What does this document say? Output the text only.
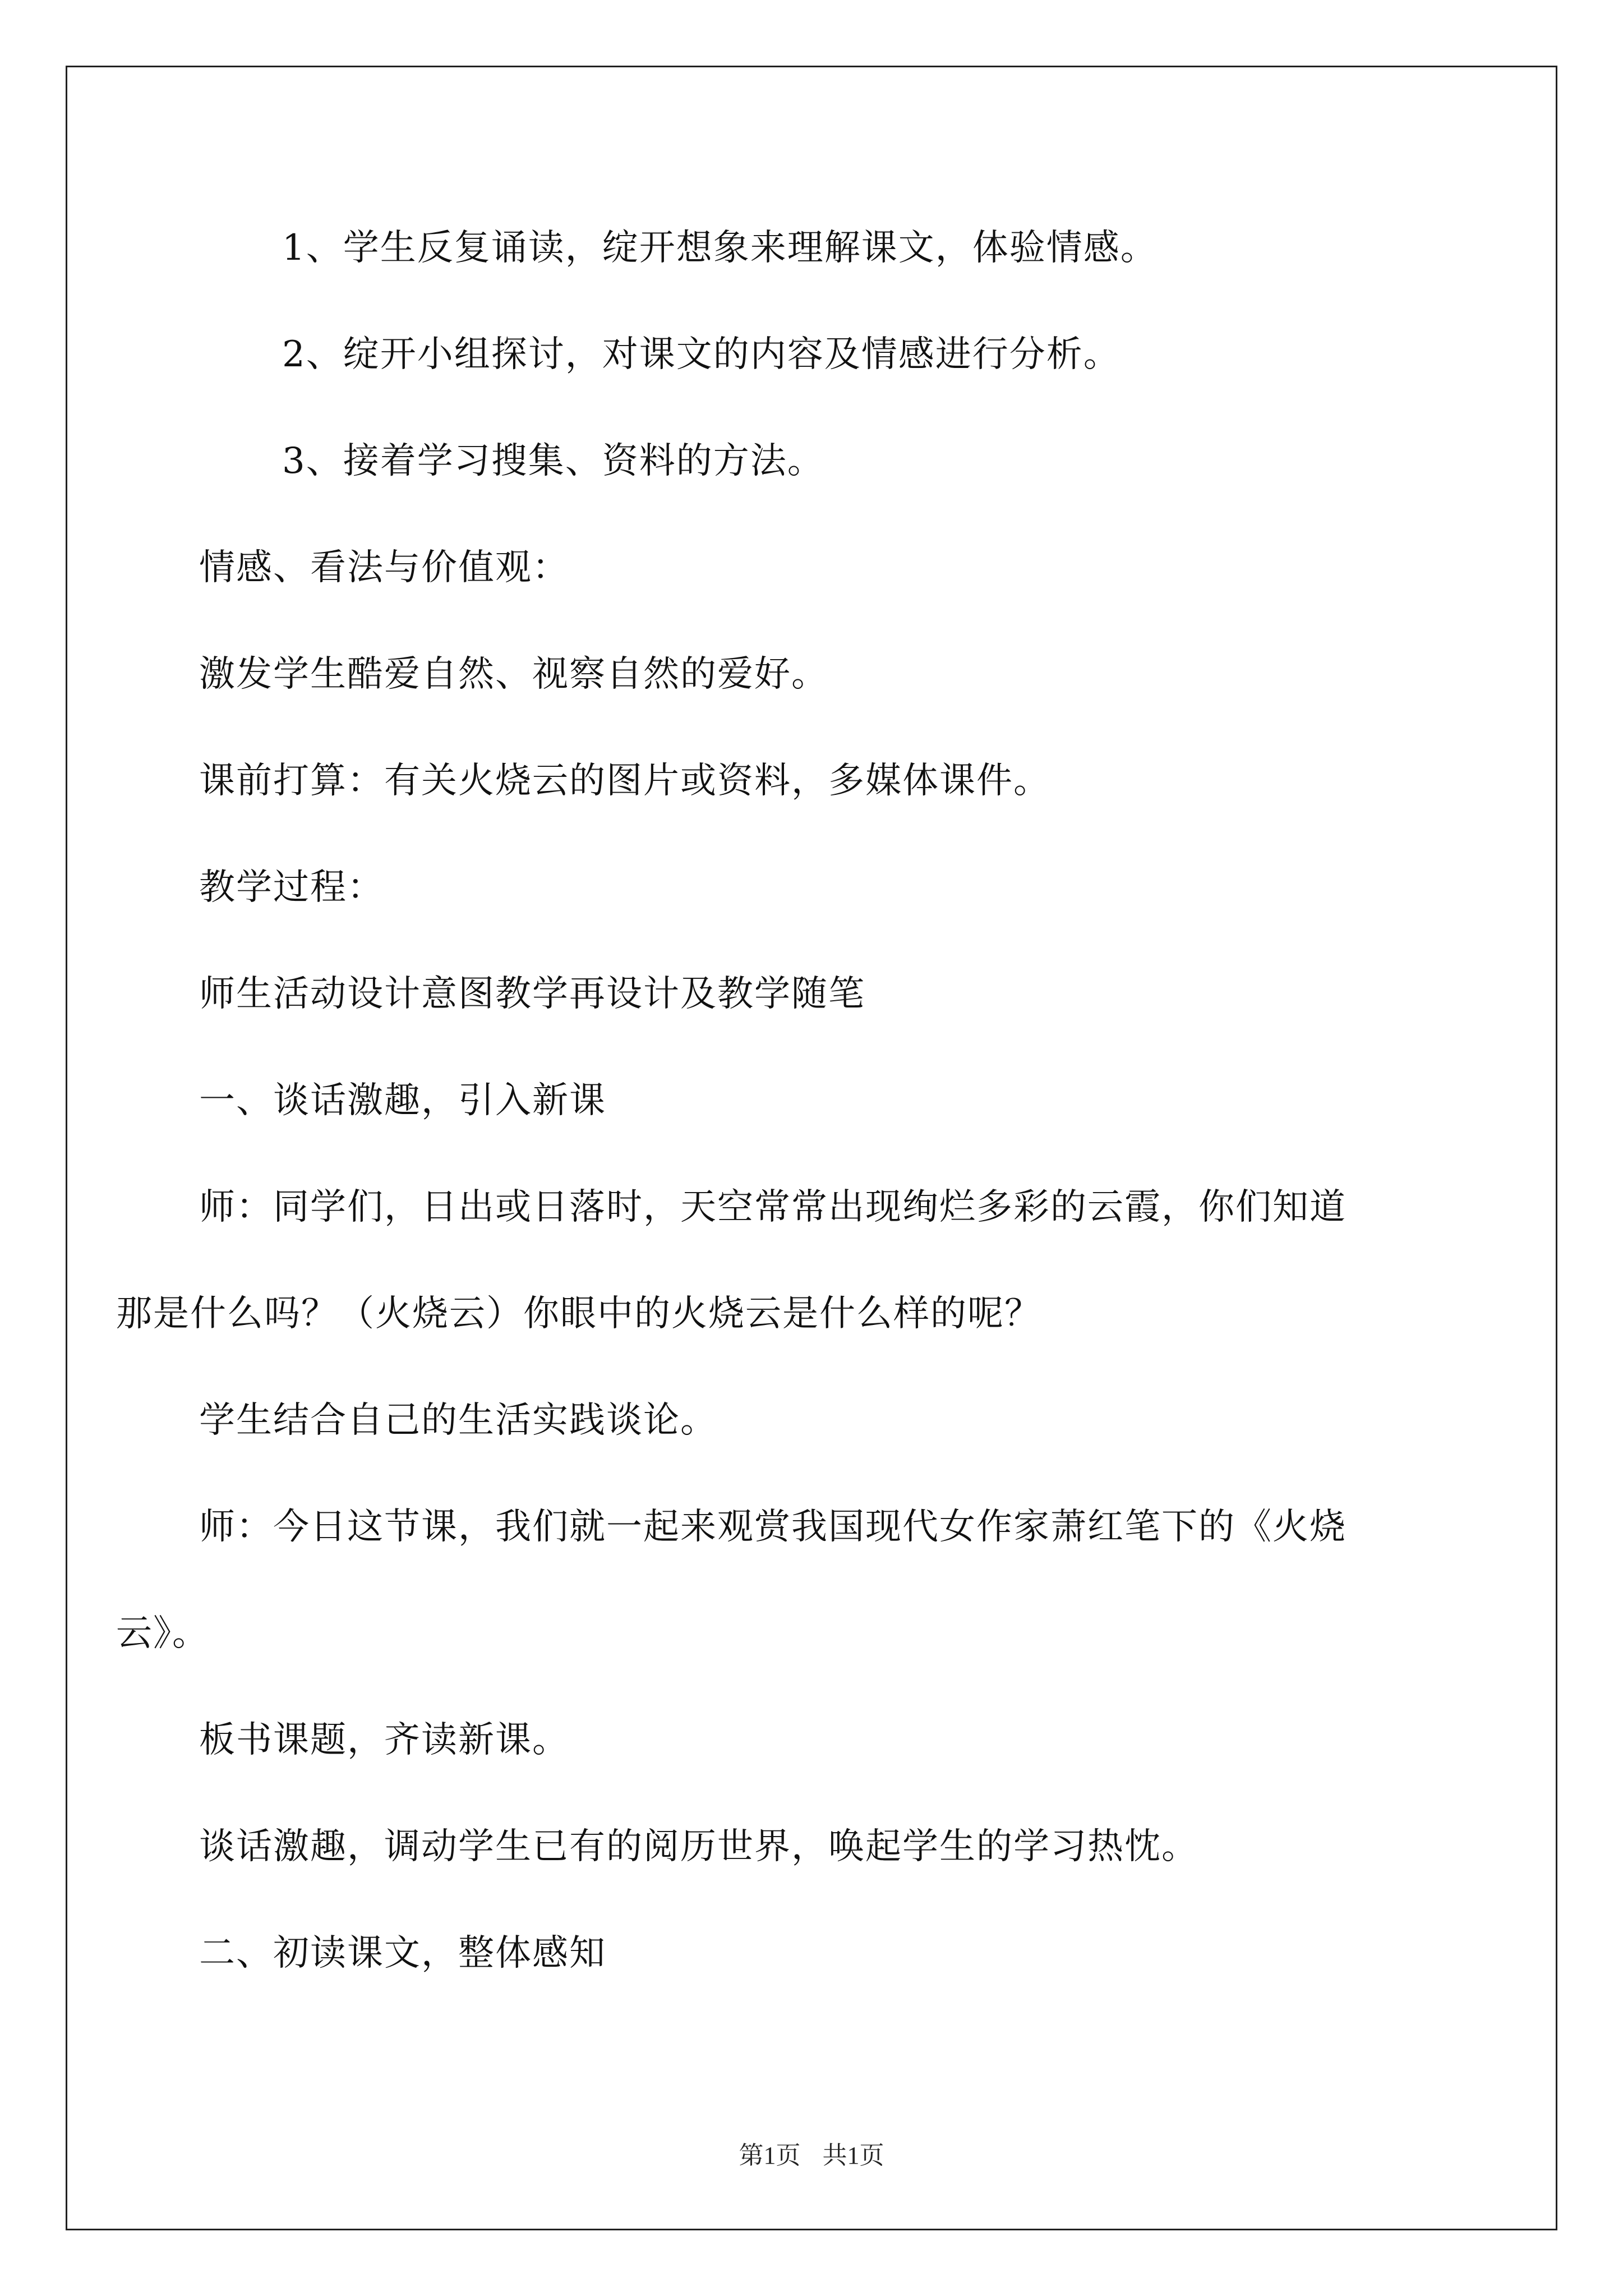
1、学生反复诵读，绽开想象来理解课文，体验情感。

2、绽开小组探讨，对课文的内容及情感进行分析。

3、接着学习搜集、资料的方法。

情感、看法与价值观：

激发学生酷爱自然、视察自然的爱好。

课前打算：有关火烧云的图片或资料，多媒体课件。

教学过程：

师生活动设计意图教学再设计及教学随笔

一、谈话激趣，引入新课

师：同学们，日出或日落时，天空常常出现绚烂多彩的云霞，你们知道那是什么吗？（火烧云）你眼中的火烧云是什么样的呢？

学生结合自己的生活实践谈论。

师：今日这节课，我们就一起来观赏我国现代女作家萧红笔下的《火烧云》。

板书课题，齐读新课。

谈话激趣，调动学生已有的阅历世界，唤起学生的学习热忱。

二、初读课文，整体感知

第1页 共1页
